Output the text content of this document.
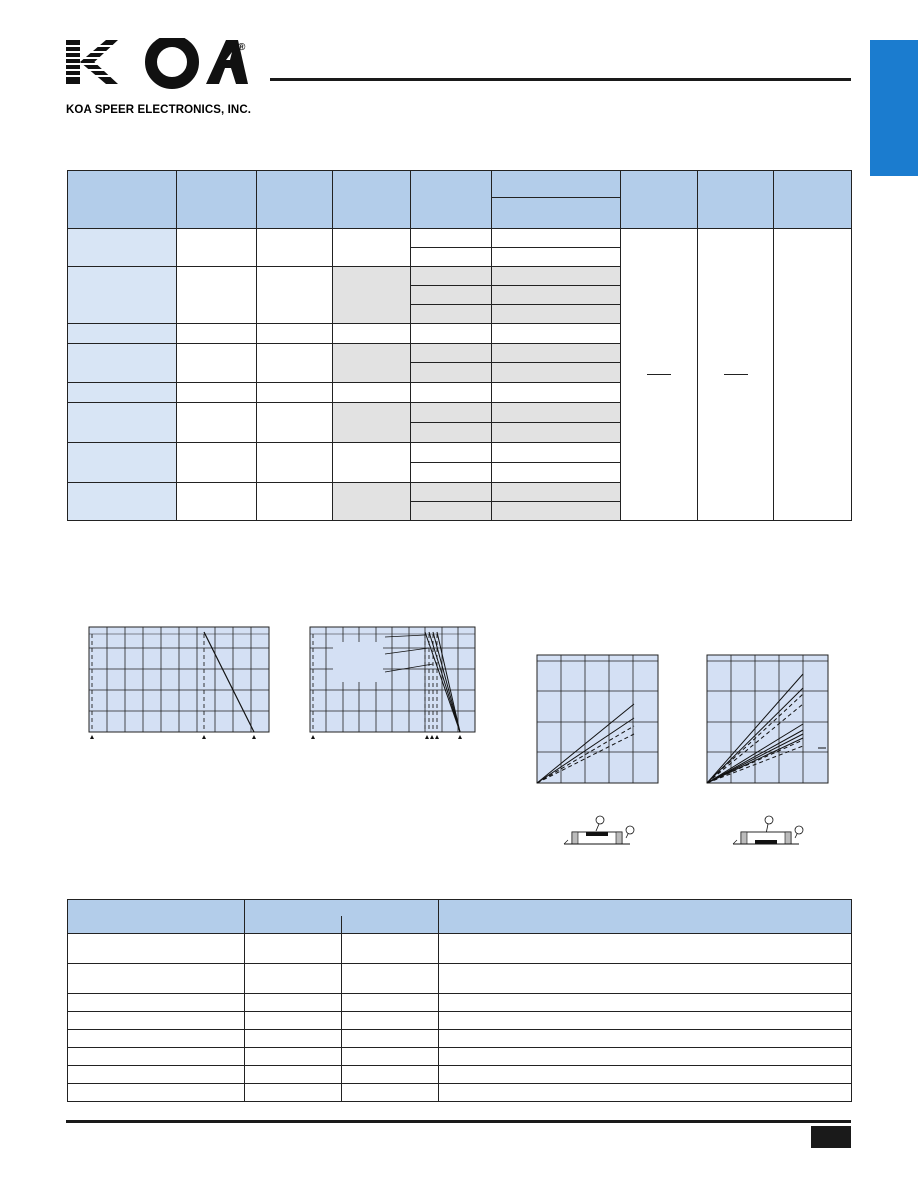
®
KOA SPEER ELECTRONICS, INC.
